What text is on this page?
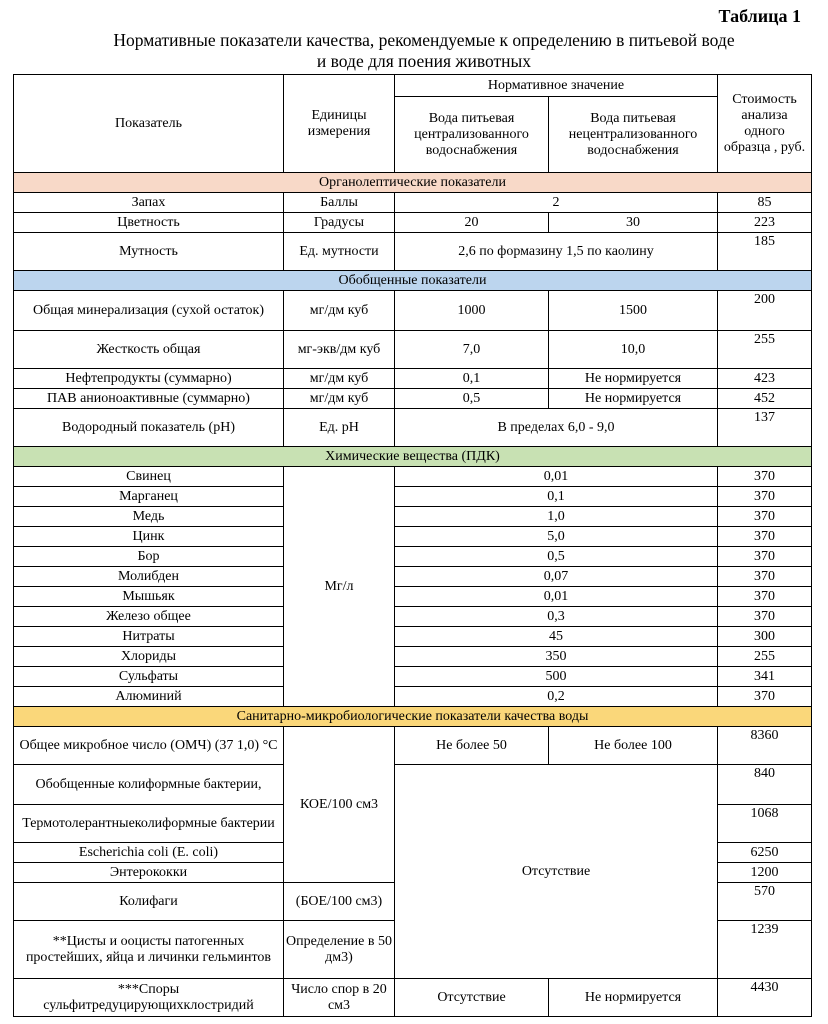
Таблица 1
Нормативные показатели качества, рекомендуемые к определению в питьевой воде
и воде для поения животных
Показатель	Единицы измерения	Нормативное значение		Стоимость анализа одного образца , руб.
		Вода питьевая централизованного водоснабжения	Вода питьевая нецентрализованного водоснабжения	
Органолептические показатели				
Запах	Баллы	2		85
Цветность	Градусы	20	30	223
Мутность	Ед. мутности	2,6 по формазину 1,5 по каолину		185
Обобщенные показатели				
Общая минерализация (сухой остаток)	мг/дм куб	1000	1500	200
Жесткость общая	мг-экв/дм куб	7,0	10,0	255
Нефтепродукты (суммарно)	мг/дм куб	0,1	Не нормируется	423
ПАВ анионоактивные (суммарно)	мг/дм куб	0,5	Не нормируется	452
Водородный показатель (pH)	Ед. pH	В пределах 6,0 - 9,0		137
Химические вещества (ПДК)				
Свинец	Мг/л	0,01		370
Марганец		0,1		370
Медь		1,0		370
Цинк		5,0		370
Бор		0,5		370
Молибден		0,07		370
Мышьяк		0,01		370
Железо общее		0,3		370
Нитраты		45		300
Хлориды		350		255
Сульфаты		500		341
Алюминий		0,2		370
Санитарно-микробиологические показатели качества воды				
Общее микробное число (ОМЧ) (37 1,0) °С	КОЕ/100 см3	Не более 50	Не более 100	8360
Обобщенные колиформные бактерии,		Отсутствие		840
Термотолерантныеколиформные бактерии				1068
Escherichia coli (E. coli)				6250
Энтерококки				1200
Колифаги	(БОЕ/100 см3)			570
**Цисты и ооцисты патогенных простейших, яйца и личинки гельминтов	Определение в 50 дм3)			1239
***Споры сульфитредуцирующихклостридий	Число спор в 20 см3	Отсутствие	Не нормируется	4430
